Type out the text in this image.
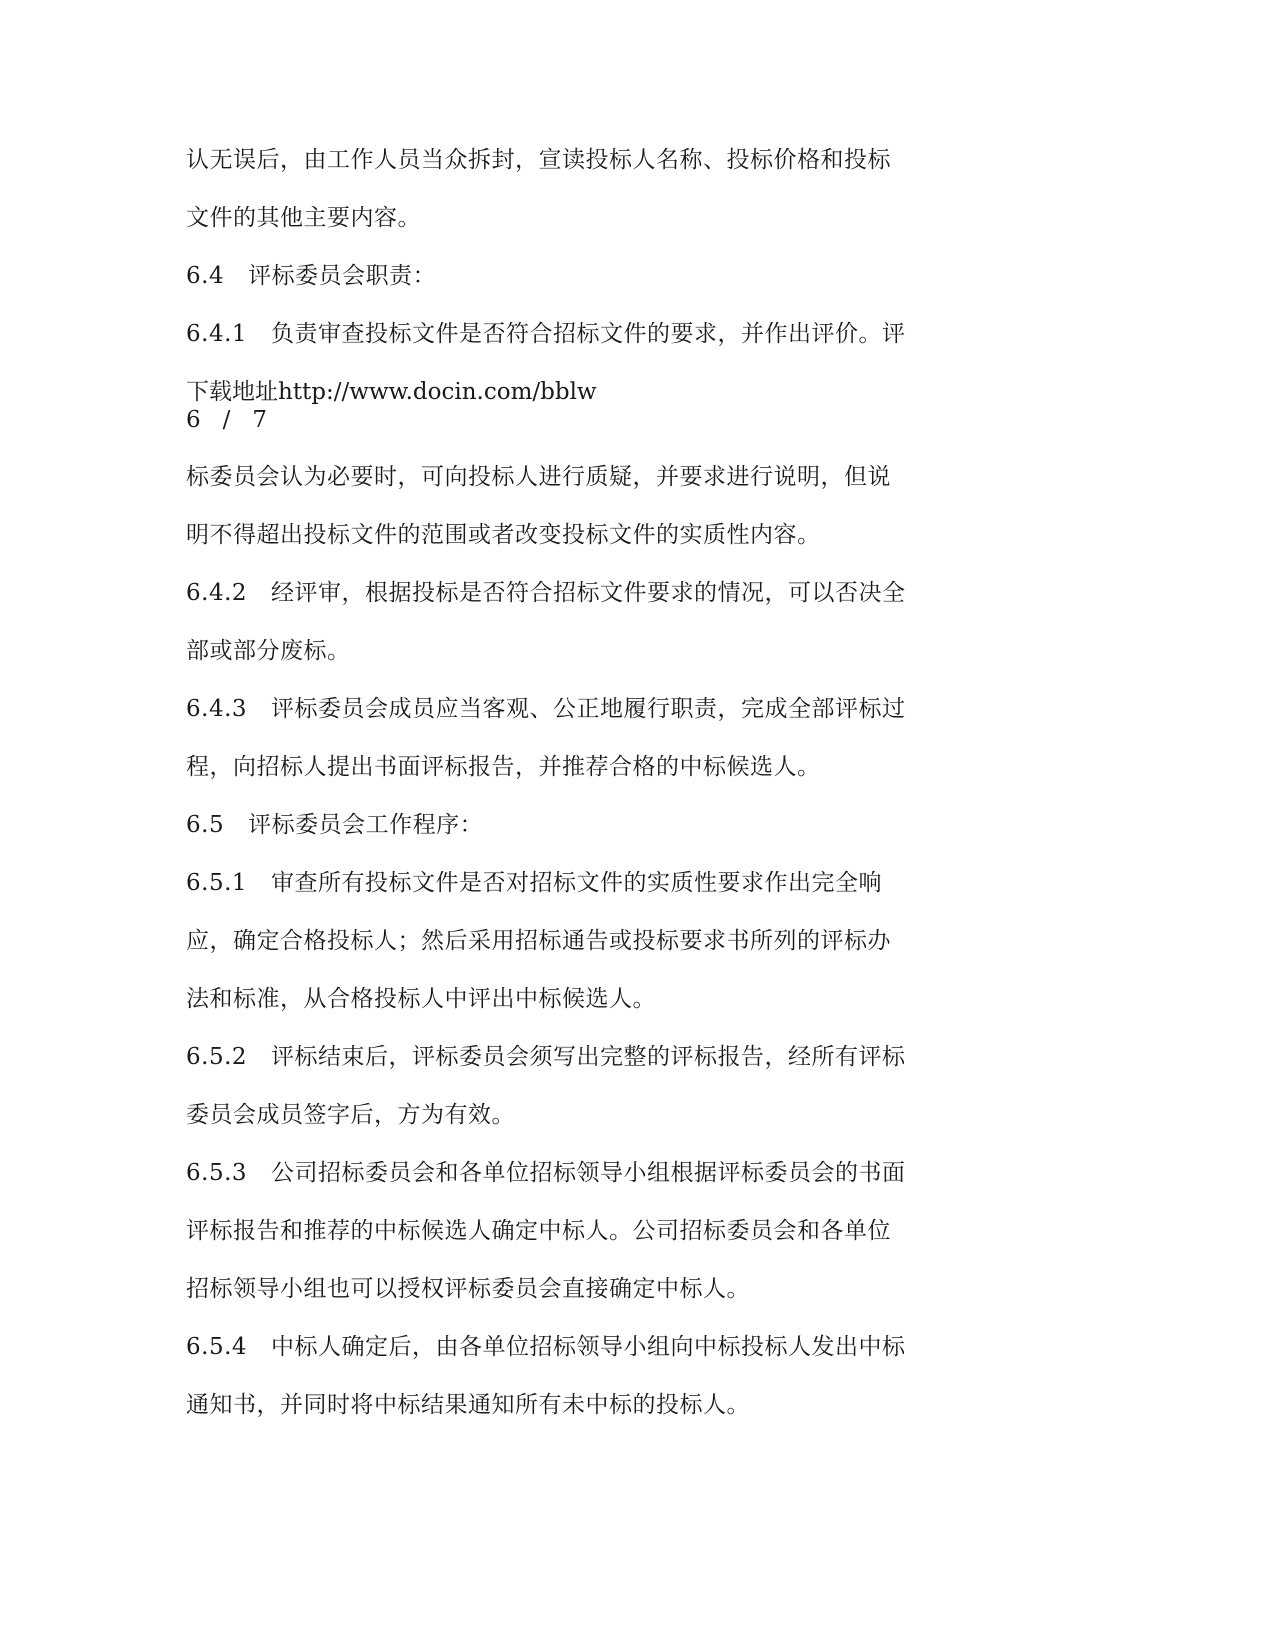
认无误后，由工作人员当众拆封，宣读投标人名称、投标价格和投标
文件的其他主要内容。
6.4 评标委员会职责：
6.4.1 负责审查投标文件是否符合招标文件的要求，并作出评价。评
下载地址http://www.docin.com/bblw
6 / 7
标委员会认为必要时，可向投标人进行质疑，并要求进行说明，但说
明不得超出投标文件的范围或者改变投标文件的实质性内容。
6.4.2 经评审，根据投标是否符合招标文件要求的情况，可以否决全
部或部分废标。
6.4.3 评标委员会成员应当客观、公正地履行职责，完成全部评标过
程，向招标人提出书面评标报告，并推荐合格的中标候选人。
6.5 评标委员会工作程序：
6.5.1 审查所有投标文件是否对招标文件的实质性要求作出完全响
应，确定合格投标人；然后采用招标通告或投标要求书所列的评标办
法和标准，从合格投标人中评出中标候选人。
6.5.2 评标结束后，评标委员会须写出完整的评标报告，经所有评标
委员会成员签字后，方为有效。
6.5.3 公司招标委员会和各单位招标领导小组根据评标委员会的书面
评标报告和推荐的中标候选人确定中标人。公司招标委员会和各单位
招标领导小组也可以授权评标委员会直接确定中标人。
6.5.4 中标人确定后，由各单位招标领导小组向中标投标人发出中标
通知书，并同时将中标结果通知所有未中标的投标人。
